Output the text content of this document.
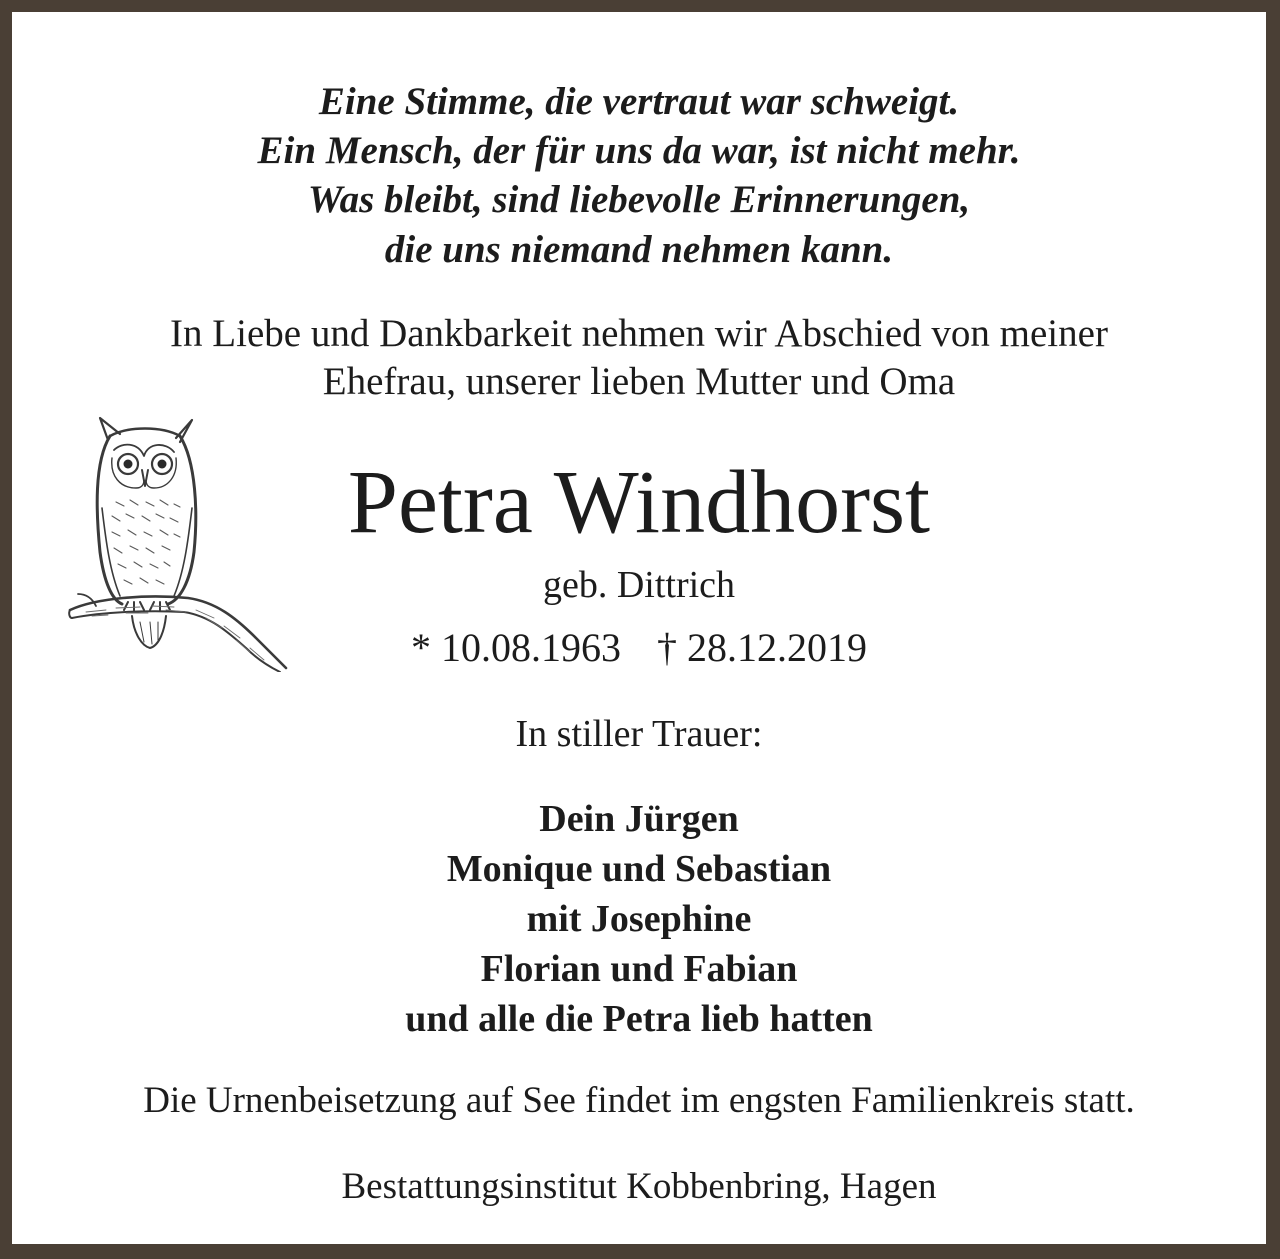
Eine Stimme, die vertraut war schweigt.
Ein Mensch, der für uns da war, ist nicht mehr.
Was bleibt, sind liebevolle Erinnerungen,
die uns niemand nehmen kann.
In Liebe und Dankbarkeit nehmen wir Abschied von meiner
Ehefrau, unserer lieben Mutter und Oma
Petra Windhorst
geb. Dittrich
* 10.08.1963 † 28.12.2019
In stiller Trauer:
Dein Jürgen
Monique und Sebastian
mit Josephine
Florian und Fabian
und alle die Petra lieb hatten
Die Urnenbeisetzung auf See findet im engsten Familienkreis statt.
Bestattungsinstitut Kobbenbring, Hagen
